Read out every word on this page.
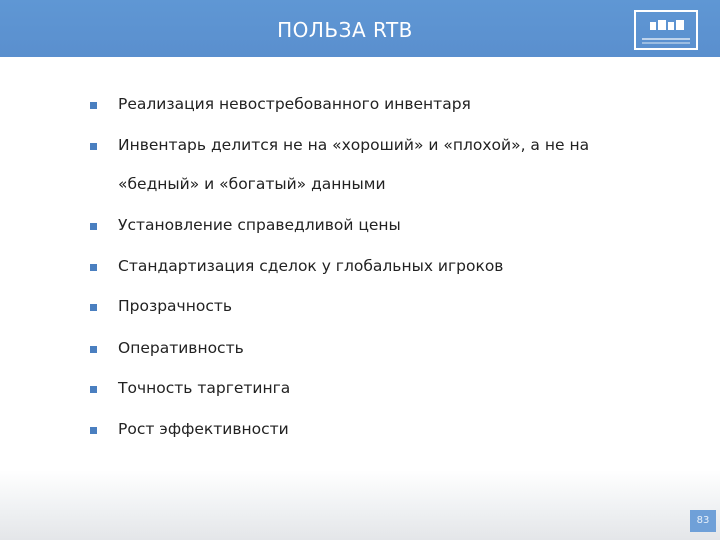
ПОЛЬЗА RTB
Реализация невостребованного инвентаря
Инвентарь делится не на «хороший» и «плохой», а не на
«бедный» и «богатый» данными
Установление справедливой цены
Стандартизация сделок у глобальных игроков
Прозрачность
Оперативность
Точность таргетинга
Рост эффективности
83
